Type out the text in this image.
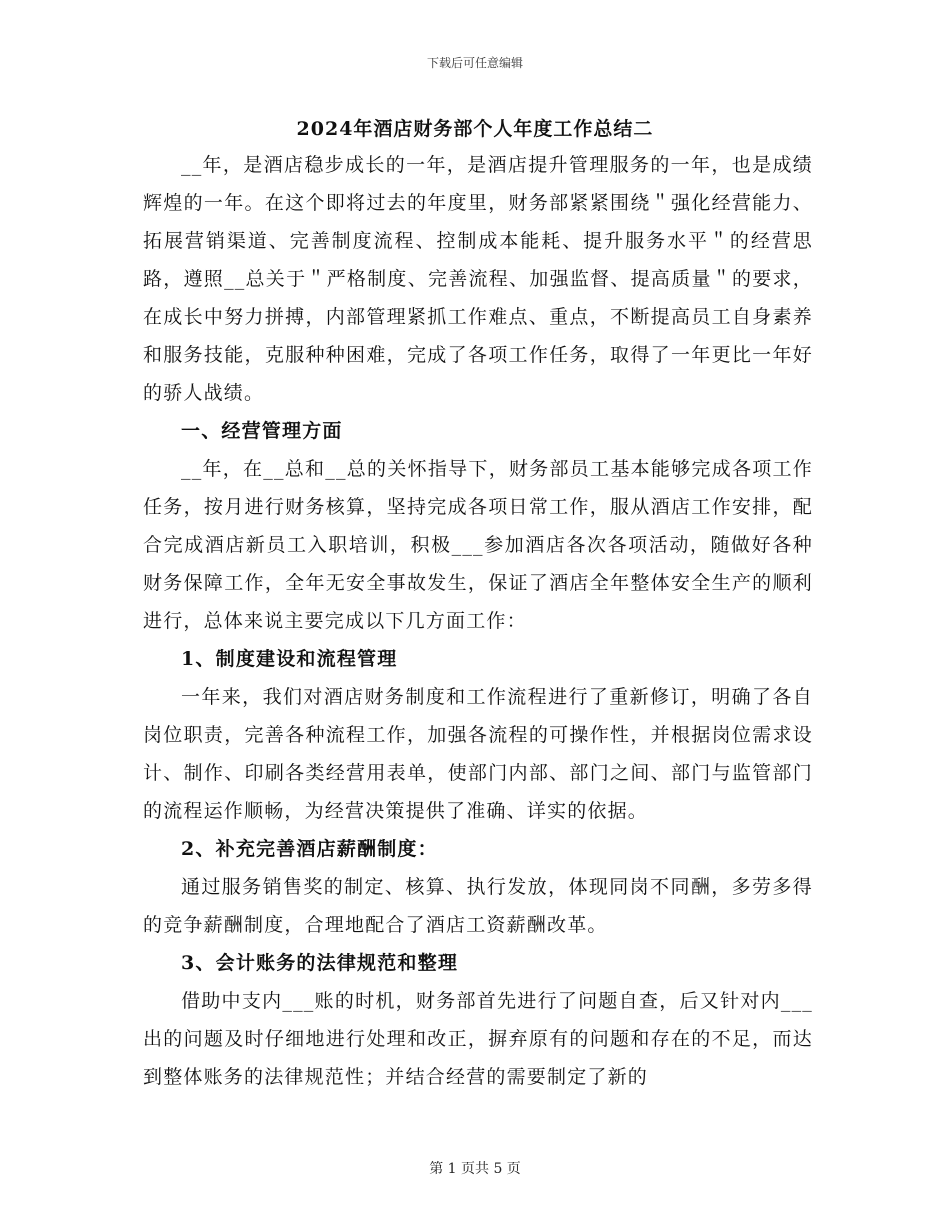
下载后可任意编辑
2024年酒店财务部个人年度工作总结二

__年，是酒店稳步成长的一年，是酒店提升管理服务的一年，也是成绩辉煌的一年。在这个即将过去的年度里，财务部紧紧围绕＂强化经营能力、拓展营销渠道、完善制度流程、控制成本能耗、提升服务水平＂的经营思路，遵照__总关于＂严格制度、完善流程、加强监督、提高质量＂的要求，在成长中努力拼搏，内部管理紧抓工作难点、重点，不断提高员工自身素养和服务技能，克服种种困难，完成了各项工作任务，取得了一年更比一年好的骄人战绩。

一、经营管理方面

__年，在__总和__总的关怀指导下，财务部员工基本能够完成各项工作任务，按月进行财务核算，坚持完成各项日常工作，服从酒店工作安排，配合完成酒店新员工入职培训，积极___参加酒店各次各项活动，随做好各种财务保障工作，全年无安全事故发生，保证了酒店全年整体安全生产的顺利进行，总体来说主要完成以下几方面工作：

1、制度建设和流程管理

一年来，我们对酒店财务制度和工作流程进行了重新修订，明确了各自岗位职责，完善各种流程工作，加强各流程的可操作性，并根据岗位需求设计、制作、印刷各类经营用表单，使部门内部、部门之间、部门与监管部门的流程运作顺畅，为经营决策提供了准确、详实的依据。

2、补充完善酒店薪酬制度：

通过服务销售奖的制定、核算、执行发放，体现同岗不同酬，多劳多得的竞争薪酬制度，合理地配合了酒店工资薪酬改革。

3、会计账务的法律规范和整理

借助中支内___账的时机，财务部首先进行了问题自查，后又针对内___出的问题及时仔细地进行处理和改正，摒弃原有的问题和存在的不足，而达到整体账务的法律规范性；并结合经营的需要制定了新的

第 1 页共 5 页
